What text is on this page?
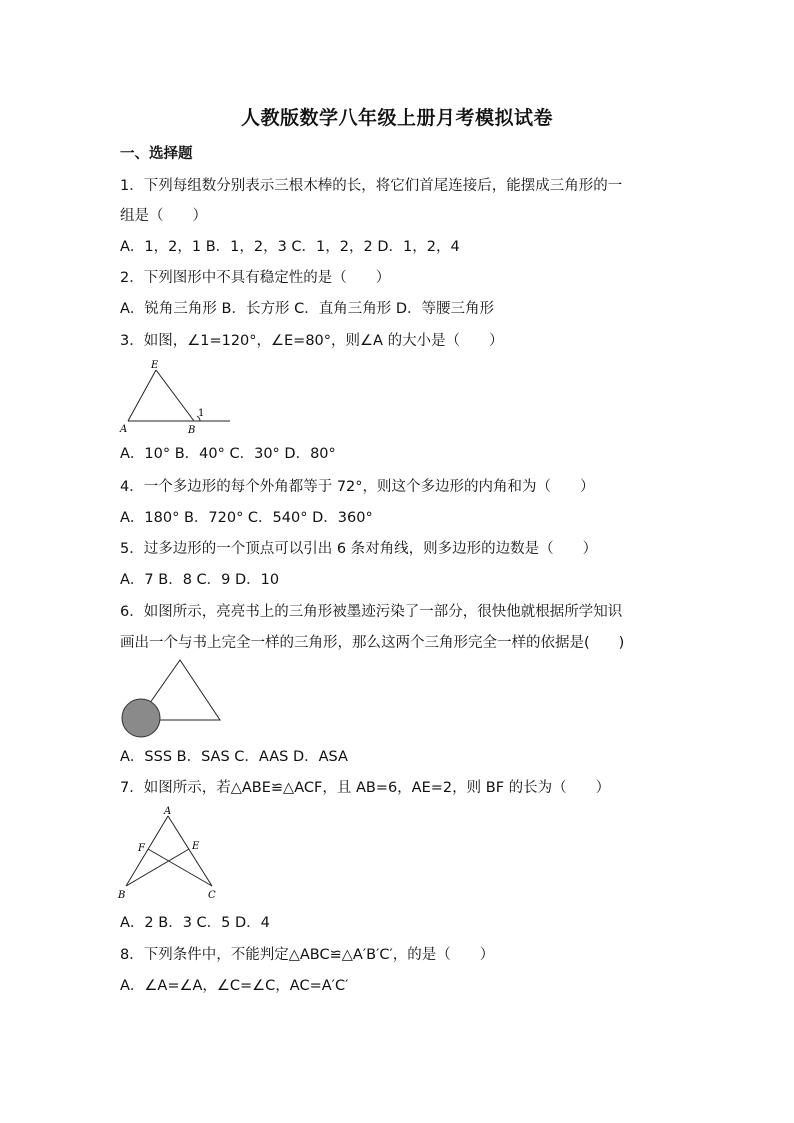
人教版数学八年级上册月考模拟试卷
一、选择题
1．下列每组数分别表示三根木棒的长，将它们首尾连接后，能摆成三角形的一
组是（　　）
A．1，2，1 B．1，2，3 C．1，2，2 D．1，2，4
2．下列图形中不具有稳定性的是（　　）
A．锐角三角形 B．长方形 C．直角三角形 D．等腰三角形
3．如图，∠1=120°，∠E=80°，则∠A 的大小是（　　）
E
A	B
1
A．10° B．40° C．30° D．80°
4．一个多边形的每个外角都等于 72°，则这个多边形的内角和为（　　）
A．180° B．720° C．540° D．360°
5．过多边形的一个顶点可以引出 6 条对角线，则多边形的边数是（　　）
A．7 B．8 C．9 D．10
6．如图所示，亮亮书上的三角形被墨迹污染了一部分，很快他就根据所学知识
画出一个与书上完全一样的三角形，那么这两个三角形完全一样的依据是(　　)
A．SSS B．SAS C．AAS D．ASA
7．如图所示，若△ABE≌△ACF，且 AB=6，AE=2，则 BF 的长为（　　）
A
B	C
E
F
A．2 B．3 C．5 D．4
8．下列条件中，不能判定△ABC≌△A′B′C′，的是（　　）
A．∠A=∠A，∠C=∠C，AC=A′C′
